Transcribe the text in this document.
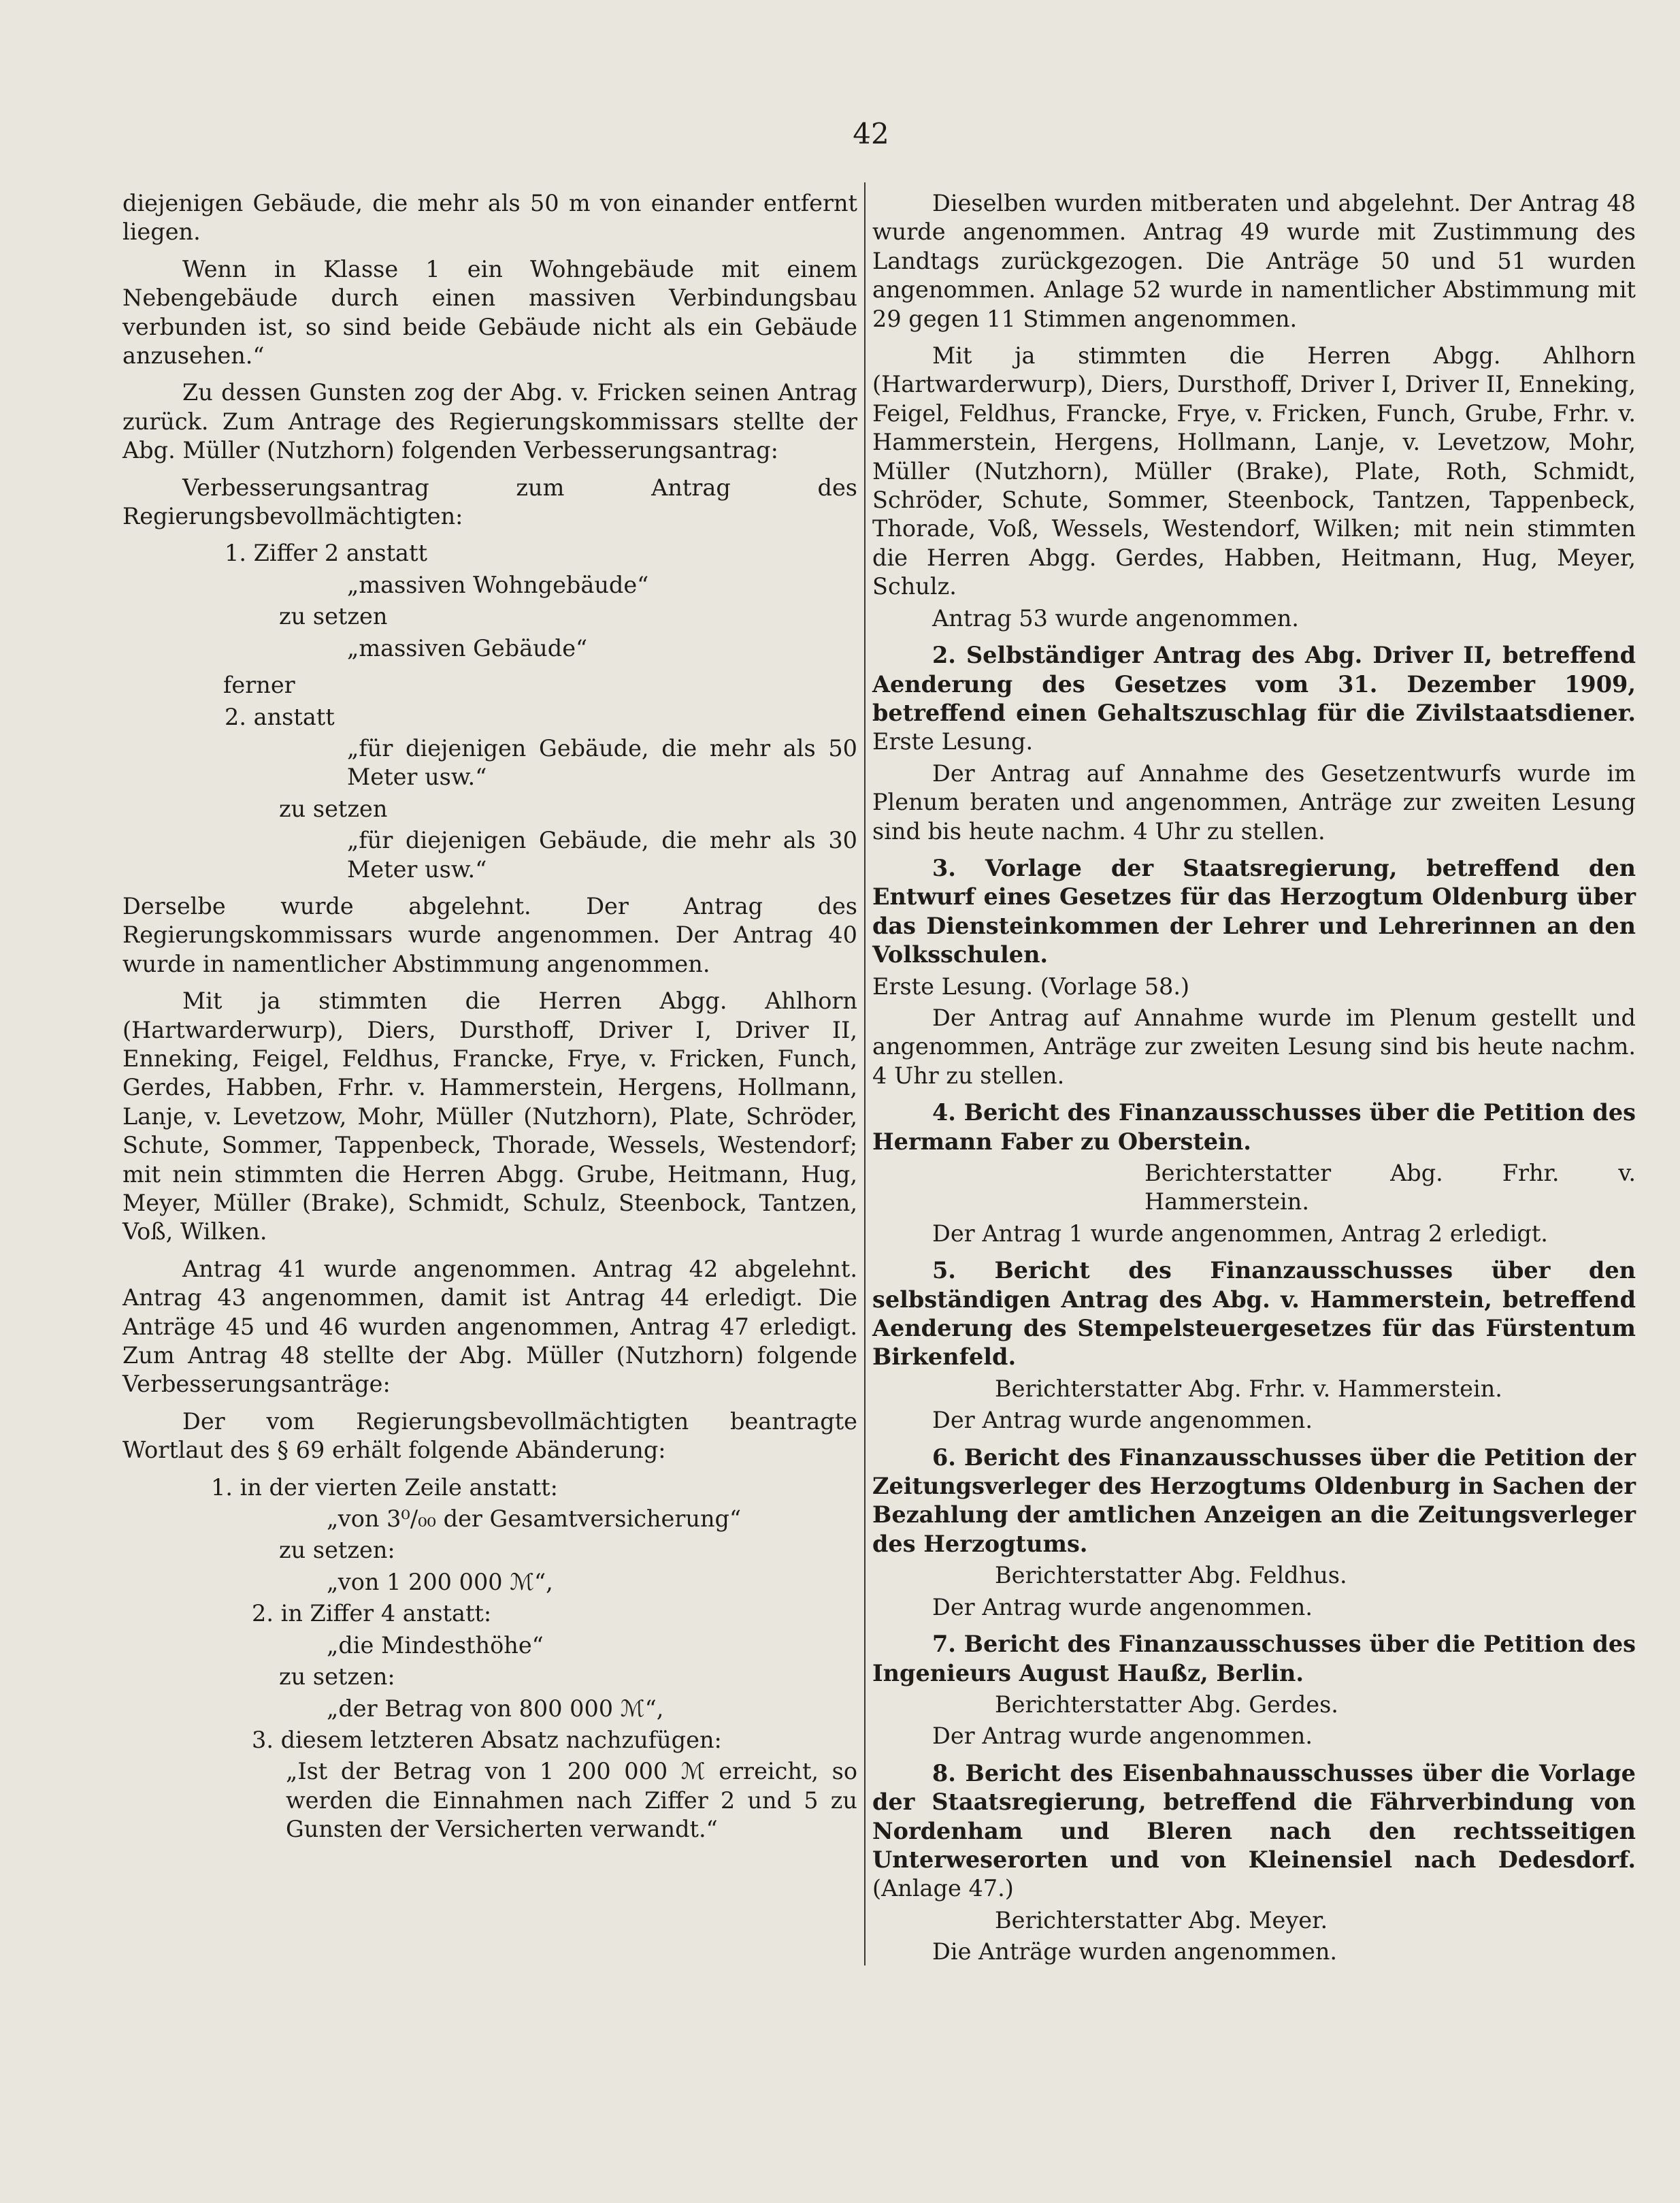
42

diejenigen Gebäude, die mehr als 50 m von einander entfernt liegen.

Wenn in Klasse 1 ein Wohngebäude mit einem Nebengebäude durch einen massiven Verbindungsbau verbunden ist, so sind beide Gebäude nicht als ein Gebäude anzusehen.“

Zu dessen Gunsten zog der Abg. v. Fricken seinen Antrag zurück. Zum Antrage des Regierungskommissars stellte der Abg. Müller (Nutzhorn) folgenden Verbesserungsantrag:

Verbesserungsantrag zum Antrag des Regierungsbevollmächtigten:

1. Ziffer 2 anstatt

„massiven Wohngebäude“

zu setzen

„massiven Gebäude“

ferner

2. anstatt

„für diejenigen Gebäude, die mehr als 50 Meter usw.“

zu setzen

„für diejenigen Gebäude, die mehr als 30 Meter usw.“

Derselbe wurde abgelehnt. Der Antrag des Regierungskommissars wurde angenommen. Der Antrag 40 wurde in namentlicher Abstimmung angenommen.

Mit ja stimmten die Herren Abgg. Ahlhorn (Hartwarderwurp), Diers, Dursthoff, Driver I, Driver II, Enneking, Feigel, Feldhus, Francke, Frye, v. Fricken, Funch, Gerdes, Habben, Frhr. v. Hammerstein, Hergens, Hollmann, Lanje, v. Levetzow, Mohr, Müller (Nutzhorn), Plate, Schröder, Schute, Sommer, Tappenbeck, Thorade, Wessels, Westendorf; mit nein stimmten die Herren Abgg. Grube, Heitmann, Hug, Meyer, Müller (Brake), Schmidt, Schulz, Steenbock, Tantzen, Voß, Wilken.

Antrag 41 wurde angenommen. Antrag 42 abgelehnt. Antrag 43 angenommen, damit ist Antrag 44 erledigt. Die Anträge 45 und 46 wurden angenommen, Antrag 47 erledigt. Zum Antrag 48 stellte der Abg. Müller (Nutzhorn) folgende Verbesserungsanträge:

Der vom Regierungsbevollmächtigten beantragte Wortlaut des § 69 erhält folgende Abänderung:

1. in der vierten Zeile anstatt:

„von 3⁰/₀₀ der Gesamtversicherung“

zu setzen:

„von 1 200 000 ℳ“,

2. in Ziffer 4 anstatt:

„die Mindesthöhe“

zu setzen:

„der Betrag von 800 000 ℳ“,

3. diesem letzteren Absatz nachzufügen:

„Ist der Betrag von 1 200 000 ℳ erreicht, so werden die Einnahmen nach Ziffer 2 und 5 zu Gunsten der Versicherten verwandt.“

Dieselben wurden mitberaten und abgelehnt. Der Antrag 48 wurde angenommen. Antrag 49 wurde mit Zustimmung des Landtags zurückgezogen. Die Anträge 50 und 51 wurden angenommen. Anlage 52 wurde in namentlicher Abstimmung mit 29 gegen 11 Stimmen angenommen.

Mit ja stimmten die Herren Abgg. Ahlhorn (Hartwarderwurp), Diers, Dursthoff, Driver I, Driver II, Enneking, Feigel, Feldhus, Francke, Frye, v. Fricken, Funch, Grube, Frhr. v. Hammerstein, Hergens, Hollmann, Lanje, v. Levetzow, Mohr, Müller (Nutzhorn), Müller (Brake), Plate, Roth, Schmidt, Schröder, Schute, Sommer, Steenbock, Tantzen, Tappenbeck, Thorade, Voß, Wessels, Westendorf, Wilken; mit nein stimmten die Herren Abgg. Gerdes, Habben, Heitmann, Hug, Meyer, Schulz.

Antrag 53 wurde angenommen.

2. Selbständiger Antrag des Abg. Driver II, betreffend Aenderung des Gesetzes vom 31. Dezember 1909, betreffend einen Gehaltszuschlag für die Zivilstaatsdiener. Erste Lesung.

Der Antrag auf Annahme des Gesetzentwurfs wurde im Plenum beraten und angenommen, Anträge zur zweiten Lesung sind bis heute nachm. 4 Uhr zu stellen.

3. Vorlage der Staatsregierung, betreffend den Entwurf eines Gesetzes für das Herzogtum Oldenburg über das Diensteinkommen der Lehrer und Lehrerinnen an den Volksschulen.

Erste Lesung. (Vorlage 58.)

Der Antrag auf Annahme wurde im Plenum gestellt und angenommen, Anträge zur zweiten Lesung sind bis heute nachm. 4 Uhr zu stellen.

4. Bericht des Finanzausschusses über die Petition des Hermann Faber zu Oberstein.

Berichterstatter Abg. Frhr. v. Hammerstein.

Der Antrag 1 wurde angenommen, Antrag 2 erledigt.

5. Bericht des Finanzausschusses über den selbständigen Antrag des Abg. v. Hammerstein, betreffend Aenderung des Stempelsteuergesetzes für das Fürstentum Birkenfeld.

Berichterstatter Abg. Frhr. v. Hammerstein.

Der Antrag wurde angenommen.

6. Bericht des Finanzausschusses über die Petition der Zeitungsverleger des Herzogtums Oldenburg in Sachen der Bezahlung der amtlichen Anzeigen an die Zeitungsverleger des Herzogtums.

Berichterstatter Abg. Feldhus.

Der Antrag wurde angenommen.

7. Bericht des Finanzausschusses über die Petition des Ingenieurs August Haußz, Berlin.

Berichterstatter Abg. Gerdes.

Der Antrag wurde angenommen.

8. Bericht des Eisenbahnausschusses über die Vorlage der Staatsregierung, betreffend die Fährverbindung von Nordenham und Bleren nach den rechtsseitigen Unterweserorten und von Kleinensiel nach Dedesdorf. (Anlage 47.)

Berichterstatter Abg. Meyer.

Die Anträge wurden angenommen.
